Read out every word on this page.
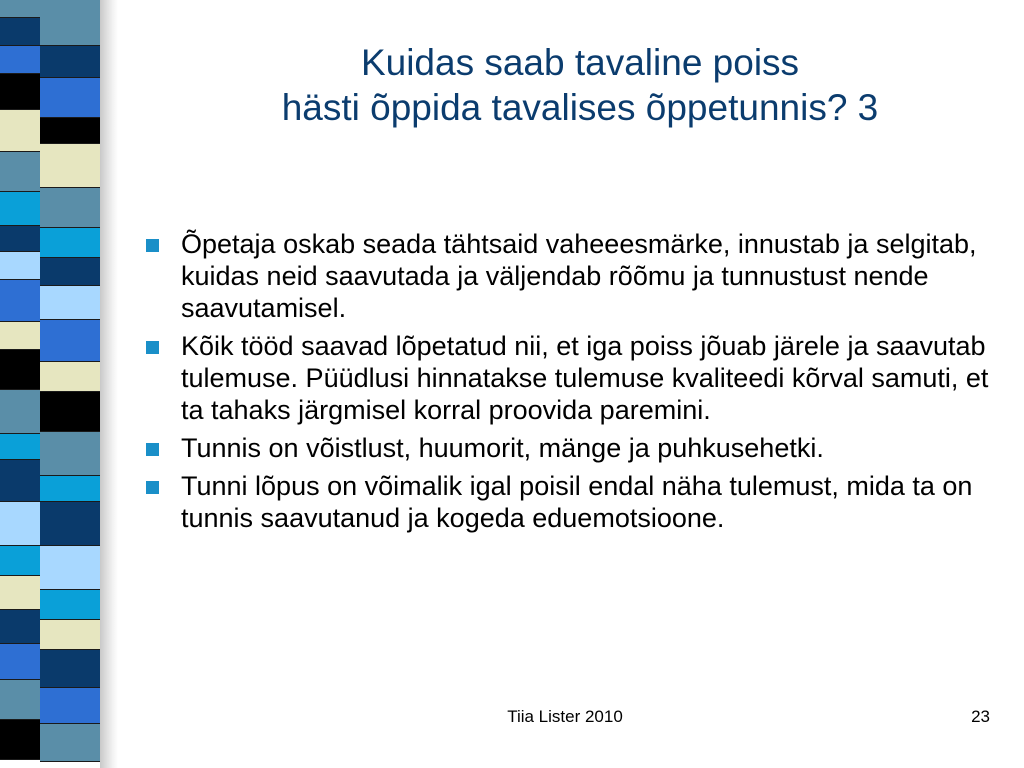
Kuidas saab tavaline poiss
hästi õppida tavalises õppetunnis? 3
Õpetaja oskab seada tähtsaid vaheeesmärke, innustab ja selgitab, kuidas neid saavutada ja väljendab rõõmu ja tunnustust nende saavutamisel.
Kõik tööd saavad lõpetatud nii, et iga poiss jõuab järele ja saavutab tulemuse. Püüdlusi hinnatakse tulemuse kvaliteedi kõrval samuti, et ta tahaks järgmisel korral proovida paremini.
Tunnis on võistlust, huumorit, mänge ja puhkusehetki.
Tunni lõpus on võimalik igal poisil endal näha tulemust, mida ta on tunnis saavutanud ja kogeda eduemotsioone.
Tiia Lister 2010	23
